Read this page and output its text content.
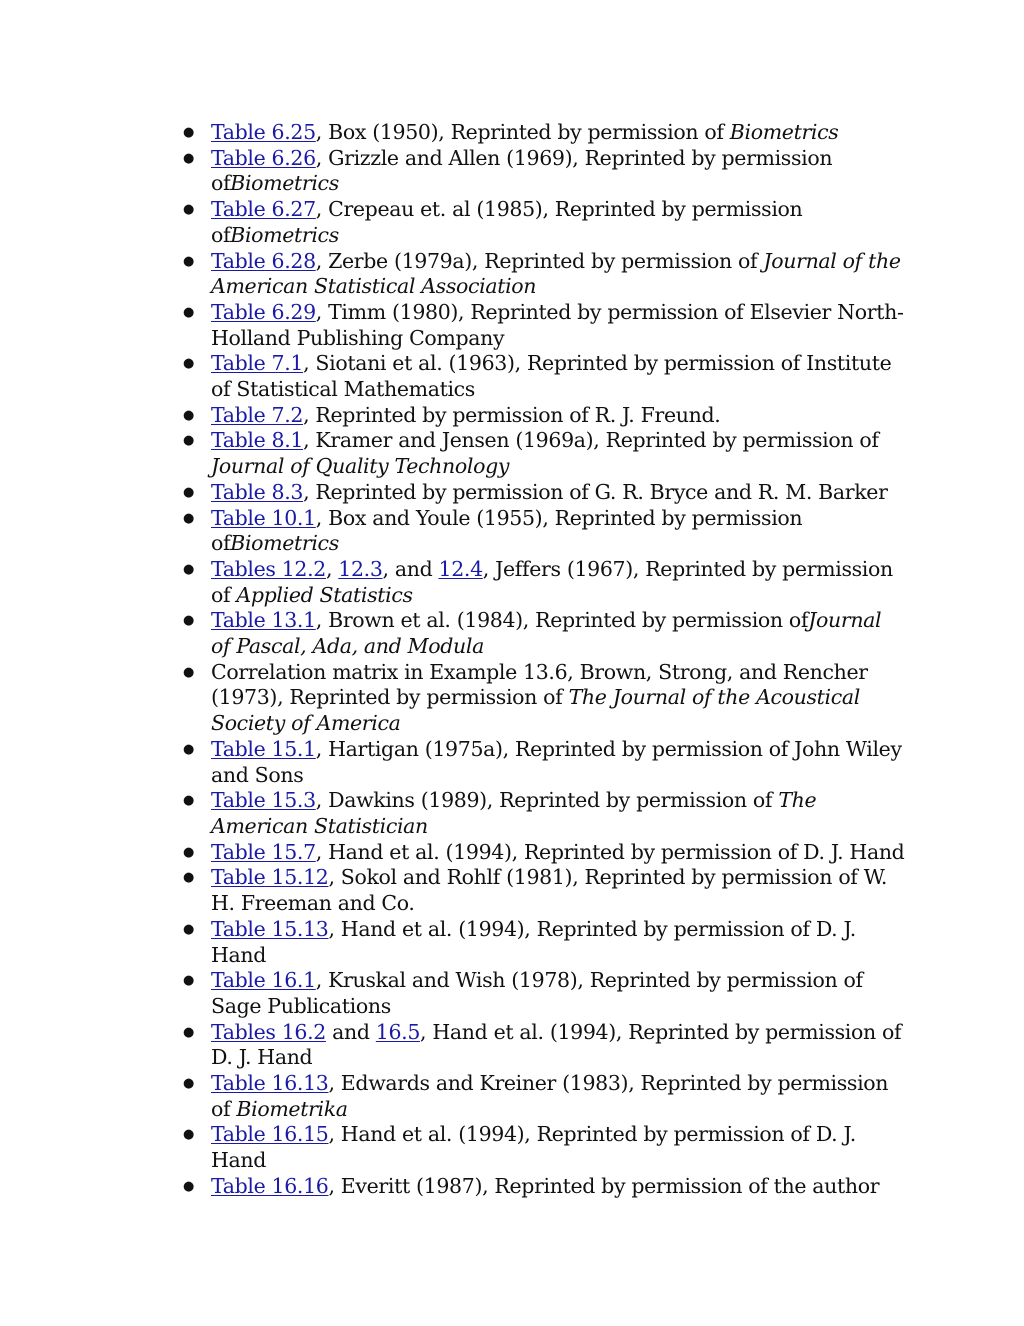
● Table 6.25, Box (1950), Reprinted by permission of Biometrics
● Table 6.26, Grizzle and Allen (1969), Reprinted by permission ofBiometrics
● Table 6.27, Crepeau et. al (1985), Reprinted by permission ofBiometrics
● Table 6.28, Zerbe (1979a), Reprinted by permission of Journal of the American Statistical Association
● Table 6.29, Timm (1980), Reprinted by permission of Elsevier North-Holland Publishing Company
● Table 7.1, Siotani et al. (1963), Reprinted by permission of Institute of Statistical Mathematics
● Table 7.2, Reprinted by permission of R. J. Freund.
● Table 8.1, Kramer and Jensen (1969a), Reprinted by permission of Journal of Quality Technology
● Table 8.3, Reprinted by permission of G. R. Bryce and R. M. Barker
● Table 10.1, Box and Youle (1955), Reprinted by permission ofBiometrics
● Tables 12.2, 12.3, and 12.4, Jeffers (1967), Reprinted by permission of Applied Statistics
● Table 13.1, Brown et al. (1984), Reprinted by permission ofJournal of Pascal, Ada, and Modula
● Correlation matrix in Example 13.6, Brown, Strong, and Rencher (1973), Reprinted by permission of The Journal of the Acoustical Society of America
● Table 15.1, Hartigan (1975a), Reprinted by permission of John Wiley and Sons
● Table 15.3, Dawkins (1989), Reprinted by permission of The American Statistician
● Table 15.7, Hand et al. (1994), Reprinted by permission of D. J. Hand
● Table 15.12, Sokol and Rohlf (1981), Reprinted by permission of W. H. Freeman and Co.
● Table 15.13, Hand et al. (1994), Reprinted by permission of D. J. Hand
● Table 16.1, Kruskal and Wish (1978), Reprinted by permission of Sage Publications
● Tables 16.2 and 16.5, Hand et al. (1994), Reprinted by permission of D. J. Hand
● Table 16.13, Edwards and Kreiner (1983), Reprinted by permission of Biometrika
● Table 16.15, Hand et al. (1994), Reprinted by permission of D. J. Hand
● Table 16.16, Everitt (1987), Reprinted by permission of the author
